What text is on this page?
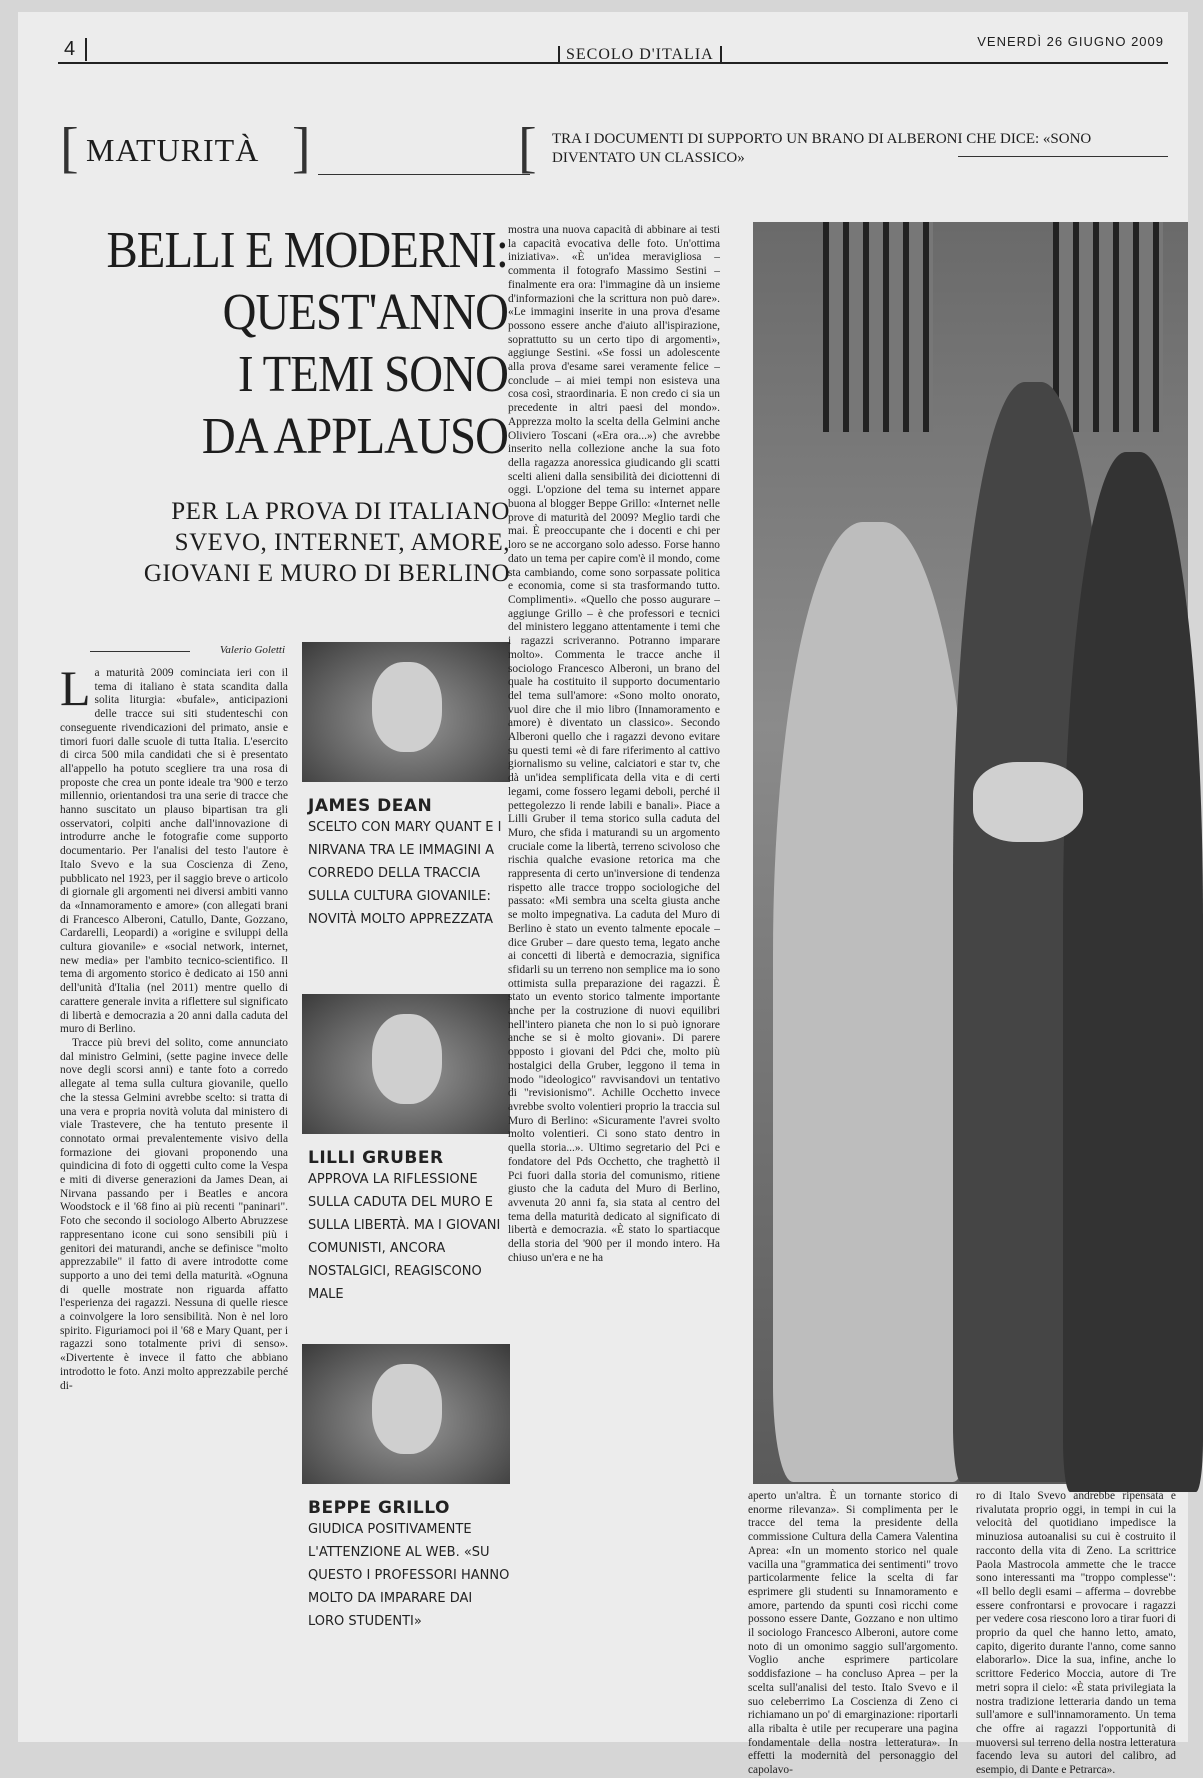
4	SECOLO D'ITALIA
VENERDÌ 26 GIUGNO 2009
[ MATURITÀ ]	[ TRA I DOCUMENTI DI SUPPORTO UN BRANO DI ALBERONI CHE DICE: «SONO DIVENTATO UN CLASSICO»
BELLI E MODERNI:
QUEST'ANNO
I TEMI SONO
DA APPLAUSO
PER LA PROVA DI ITALIANO
SVEVO, INTERNET, AMORE,
GIOVANI E MURO DI BERLINO
Valerio Goletti
L a maturità 2009 cominciata ieri con il tema di italiano è stata scandita dalla solita liturgia: «bufale», anticipazioni delle tracce sui siti studenteschi con conseguente rivendicazioni del primato, ansie e timori fuori dalle scuole di tutta Italia. L'esercito di circa 500 mila candidati che si è presentato all'appello ha potuto scegliere tra una rosa di proposte che crea un ponte ideale tra '900 e terzo millennio, orientandosi tra una serie di tracce che hanno suscitato un plauso bipartisan tra gli osservatori, colpiti anche dall'innovazione di introdurre anche le fotografie come supporto documentario. Per l'analisi del testo l'autore è Italo Svevo e la sua Coscienza di Zeno, pubblicato nel 1923, per il saggio breve o articolo di giornale gli argomenti nei diversi ambiti vanno da «Innamoramento e amore» (con allegati brani di Francesco Alberoni, Catullo, Dante, Gozzano, Cardarelli, Leopardi) a «origine e sviluppi della cultura giovanile» e «social network, internet, new media» per l'ambito tecnico-scientifico. Il tema di argomento storico è dedicato ai 150 anni dell'unità d'Italia (nel 2011) mentre quello di carattere generale invita a riflettere sul significato di libertà e democrazia a 20 anni dalla caduta del muro di Berlino.

Tracce più brevi del solito, come annunciato dal ministro Gelmini, (sette pagine invece delle nove degli scorsi anni) e tante foto a corredo allegate al tema sulla cultura giovanile, quello che la stessa Gelmini avrebbe scelto: si tratta di una vera e propria novità voluta dal ministero di viale Trastevere, che ha tentuto presente il connotato ormai prevalentemente visivo della formazione dei giovani proponendo una quindicina di foto di oggetti culto come la Vespa e miti di diverse generazioni da James Dean, ai Nirvana passando per i Beatles e ancora Woodstock e il '68 fino ai più recenti "paninari". Foto che secondo il sociologo Alberto Abruzzese rappresentano icone cui sono sensibili più i genitori dei maturandi, anche se definisce "molto apprezzabile" il fatto di avere introdotte come supporto a uno dei temi della maturità. «Ognuna di quelle mostrate non riguarda affatto l'esperienza dei ragazzi. Nessuna di quelle riesce a coinvolgere la loro sensibilità. Non è nel loro spirito. Figuriamoci poi il '68 e Mary Quant, per i ragazzi sono totalmente privi di senso». «Divertente è invece il fatto che abbiano introdotto le foto. Anzi molto apprezzabile perché di-

JAMES DEAN
SCELTO CON MARY QUANT E I NIRVANA TRA LE IMMAGINI A CORREDO DELLA TRACCIA SULLA CULTURA GIOVANILE: NOVITÀ MOLTO APPREZZATA
LILLI GRUBER
APPROVA LA RIFLESSIONE SULLA CADUTA DEL MURO E SULLA LIBERTÀ. MA I GIOVANI COMUNISTI, ANCORA NOSTALGICI, REAGISCONO MALE
BEPPE GRILLO
GIUDICA POSITIVAMENTE L'ATTENZIONE AL WEB. «SU QUESTO I PROFESSORI HANNO MOLTO DA IMPARARE DAI LORO STUDENTI»
mostra una nuova capacità di abbinare ai testi la capacità evocativa delle foto. Un'ottima iniziativa». «È un'idea meravigliosa – commenta il fotografo Massimo Sestini – finalmente era ora: l'immagine dà un insieme d'informazioni che la scrittura non può dare». «Le immagini inserite in una prova d'esame possono essere anche d'aiuto all'ispirazione, soprattutto su un certo tipo di argomenti», aggiunge Sestini. «Se fossi un adolescente alla prova d'esame sarei veramente felice – conclude – ai miei tempi non esisteva una cosa così, straordinaria. E non credo ci sia un precedente in altri paesi del mondo». Apprezza molto la scelta della Gelmini anche Oliviero Toscani («Era ora...») che avrebbe inserito nella collezione anche la sua foto della ragazza anoressica giudicando gli scatti scelti alieni dalla sensibilità dei diciottenni di oggi. L'opzione del tema su internet appare buona al blogger Beppe Grillo: «Internet nelle prove di maturità del 2009? Meglio tardi che mai. È preoccupante che i docenti e chi per loro se ne accorgano solo adesso. Forse hanno dato un tema per capire com'è il mondo, come sta cambiando, come sono sorpassate politica e economia, come si sta trasformando tutto. Complimenti». «Quello che posso augurare – aggiunge Grillo – è che professori e tecnici del ministero leggano attentamente i temi che i ragazzi scriveranno. Potranno imparare molto». Commenta le tracce anche il sociologo Francesco Alberoni, un brano del quale ha costituito il supporto documentario del tema sull'amore: «Sono molto onorato, vuol dire che il mio libro (Innamoramento e amore) è diventato un classico». Secondo Alberoni quello che i ragazzi devono evitare su questi temi «è di fare riferimento al cattivo giornalismo su veline, calciatori e star tv, che dà un'idea semplificata della vita e di certi legami, come fossero legami deboli, perché il pettegolezzo li rende labili e banali». Piace a Lilli Gruber il tema storico sulla caduta del Muro, che sfida i maturandi su un argomento cruciale come la libertà, terreno scivoloso che rischia qualche evasione retorica ma che rappresenta di certo un'inversione di tendenza rispetto alle tracce troppo sociologiche del passato: «Mi sembra una scelta giusta anche se molto impegnativa. La caduta del Muro di Berlino è stato un evento talmente epocale – dice Gruber – dare questo tema, legato anche ai concetti di libertà e democrazia, significa sfidarli su un terreno non semplice ma io sono ottimista sulla preparazione dei ragazzi. È stato un evento storico talmente importante anche per la costruzione di nuovi equilibri nell'intero pianeta che non lo si può ignorare anche se si è molto giovani». Di parere opposto i giovani del Pdci che, molto più nostalgici della Gruber, leggono il tema in modo "ideologico" ravvisandovi un tentativo di "revisionismo". Achille Occhetto invece avrebbe svolto volentieri proprio la traccia sul Muro di Berlino: «Sicuramente l'avrei svolto molto volentieri. Ci sono stato dentro in quella storia...». Ultimo segretario del Pci e fondatore del Pds Occhetto, che traghettò il Pci fuori dalla storia del comunismo, ritiene giusto che la caduta del Muro di Berlino, avvenuta 20 anni fa, sia stata al centro del tema della maturità dedicato al significato di libertà e democrazia. «È stato lo spartiacque della storia del '900 per il mondo intero. Ha chiuso un'era e ne ha
aperto un'altra. È un tornante storico di enorme rilevanza». Si complimenta per le tracce del tema la presidente della commissione Cultura della Camera Valentina Aprea: «In un momento storico nel quale vacilla una "grammatica dei sentimenti" trovo particolarmente felice la scelta di far esprimere gli studenti su Innamoramento e amore, partendo da spunti così ricchi come possono essere Dante, Gozzano e non ultimo il sociologo Francesco Alberoni, autore come noto di un omonimo saggio sull'argomento. Voglio anche esprimere particolare soddisfazione – ha concluso Aprea – per la scelta sull'analisi del testo. Italo Svevo e il suo celeberrimo La Coscienza di Zeno ci richiamano un po' di emarginazione: riportarli alla ribalta è utile per recuperare una pagina fondamentale della nostra letteratura». In effetti la modernità del personaggio del capolavo-
ro di Italo Svevo andrebbe ripensata e rivalutata proprio oggi, in tempi in cui la velocità del quotidiano impedisce la minuziosa autoanalisi su cui è costruito il racconto della vita di Zeno. La scrittrice Paola Mastrocola ammette che le tracce sono interessanti ma "troppo complesse": «Il bello degli esami – afferma – dovrebbe essere confrontarsi e provocare i ragazzi per vedere cosa riescono loro a tirar fuori di proprio da quel che hanno letto, amato, capito, digerito durante l'anno, come sanno elaborarlo». Dice la sua, infine, anche lo scrittore Federico Moccia, autore di Tre metri sopra il cielo: «È stata privilegiata la nostra tradizione letteraria dando un tema sull'amore e sull'innamoramento. Un tema che offre ai ragazzi l'opportunità di muoversi sul terreno della nostra letteratura facendo leva su autori del calibro, ad esempio, di Dante e Petrarca».
